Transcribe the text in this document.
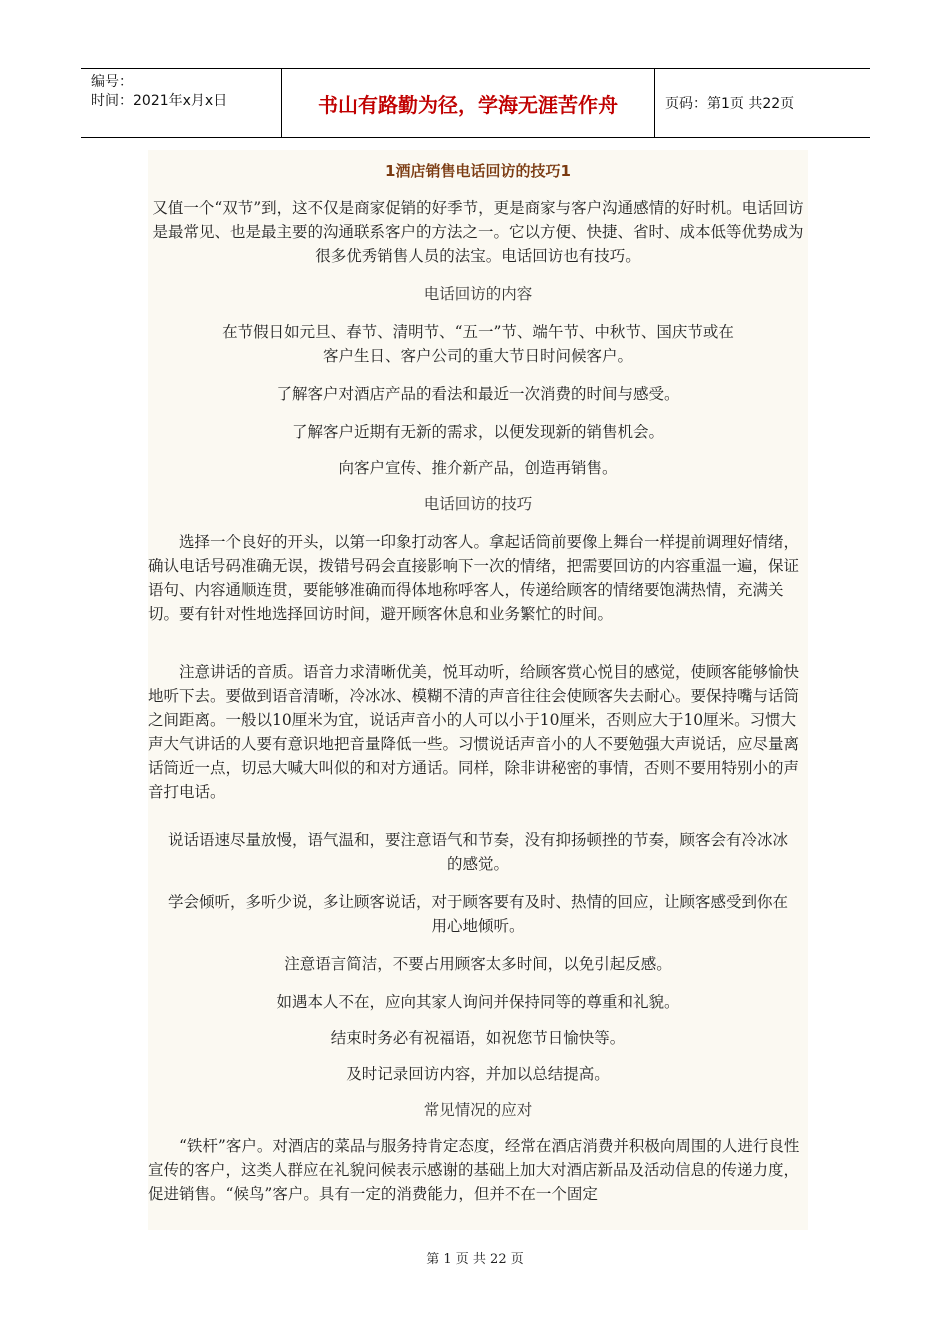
编号：
时间：2021年x月x日	书山有路勤为径，学海无涯苦作舟	页码：第1页 共22页
1酒店销售电话回访的技巧1
又值一个“双节”到，这不仅是商家促销的好季节，更是商家与客户沟通感情的好时机。电话回访是最常见、也是最主要的沟通联系客户的方法之一。它以方便、快捷、省时、成本低等优势成为很多优秀销售人员的法宝。电话回访也有技巧。
电话回访的内容
在节假日如元旦、春节、清明节、“五一”节、端午节、中秋节、国庆节或在客户生日、客户公司的重大节日时问候客户。
了解客户对酒店产品的看法和最近一次消费的时间与感受。
了解客户近期有无新的需求，以便发现新的销售机会。
向客户宣传、推介新产品，创造再销售。
电话回访的技巧
选择一个良好的开头，以第一印象打动客人。拿起话筒前要像上舞台一样提前调理好情绪，确认电话号码准确无误，拨错号码会直接影响下一次的情绪，把需要回访的内容重温一遍，保证语句、内容通顺连贯，要能够准确而得体地称呼客人，传递给顾客的情绪要饱满热情，充满关切。要有针对性地选择回访时间，避开顾客休息和业务繁忙的时间。
注意讲话的音质。语音力求清晰优美，悦耳动听，给顾客赏心悦目的感觉，使顾客能够愉快地听下去。要做到语音清晰，冷冰冰、模糊不清的声音往往会使顾客失去耐心。要保持嘴与话筒之间距离。一般以10厘米为宜，说话声音小的人可以小于10厘米，否则应大于10厘米。习惯大声大气讲话的人要有意识地把音量降低一些。习惯说话声音小的人不要勉强大声说话，应尽量离话筒近一点，切忌大喊大叫似的和对方通话。同样，除非讲秘密的事情，否则不要用特别小的声音打电话。
说话语速尽量放慢，语气温和，要注意语气和节奏，没有抑扬顿挫的节奏，顾客会有冷冰冰的感觉。
学会倾听，多听少说，多让顾客说话，对于顾客要有及时、热情的回应，让顾客感受到你在用心地倾听。
注意语言简洁，不要占用顾客太多时间，以免引起反感。
如遇本人不在，应向其家人询问并保持同等的尊重和礼貌。
结束时务必有祝福语，如祝您节日愉快等。
及时记录回访内容，并加以总结提高。
常见情况的应对
“铁杆”客户。对酒店的菜品与服务持肯定态度，经常在酒店消费并积极向周围的人进行良性宣传的客户，这类人群应在礼貌问候表示感谢的基础上加大对酒店新品及活动信息的传递力度，促进销售。“候鸟”客户。具有一定的消费能力，但并不在一个固定
第 1 页 共 22 页
